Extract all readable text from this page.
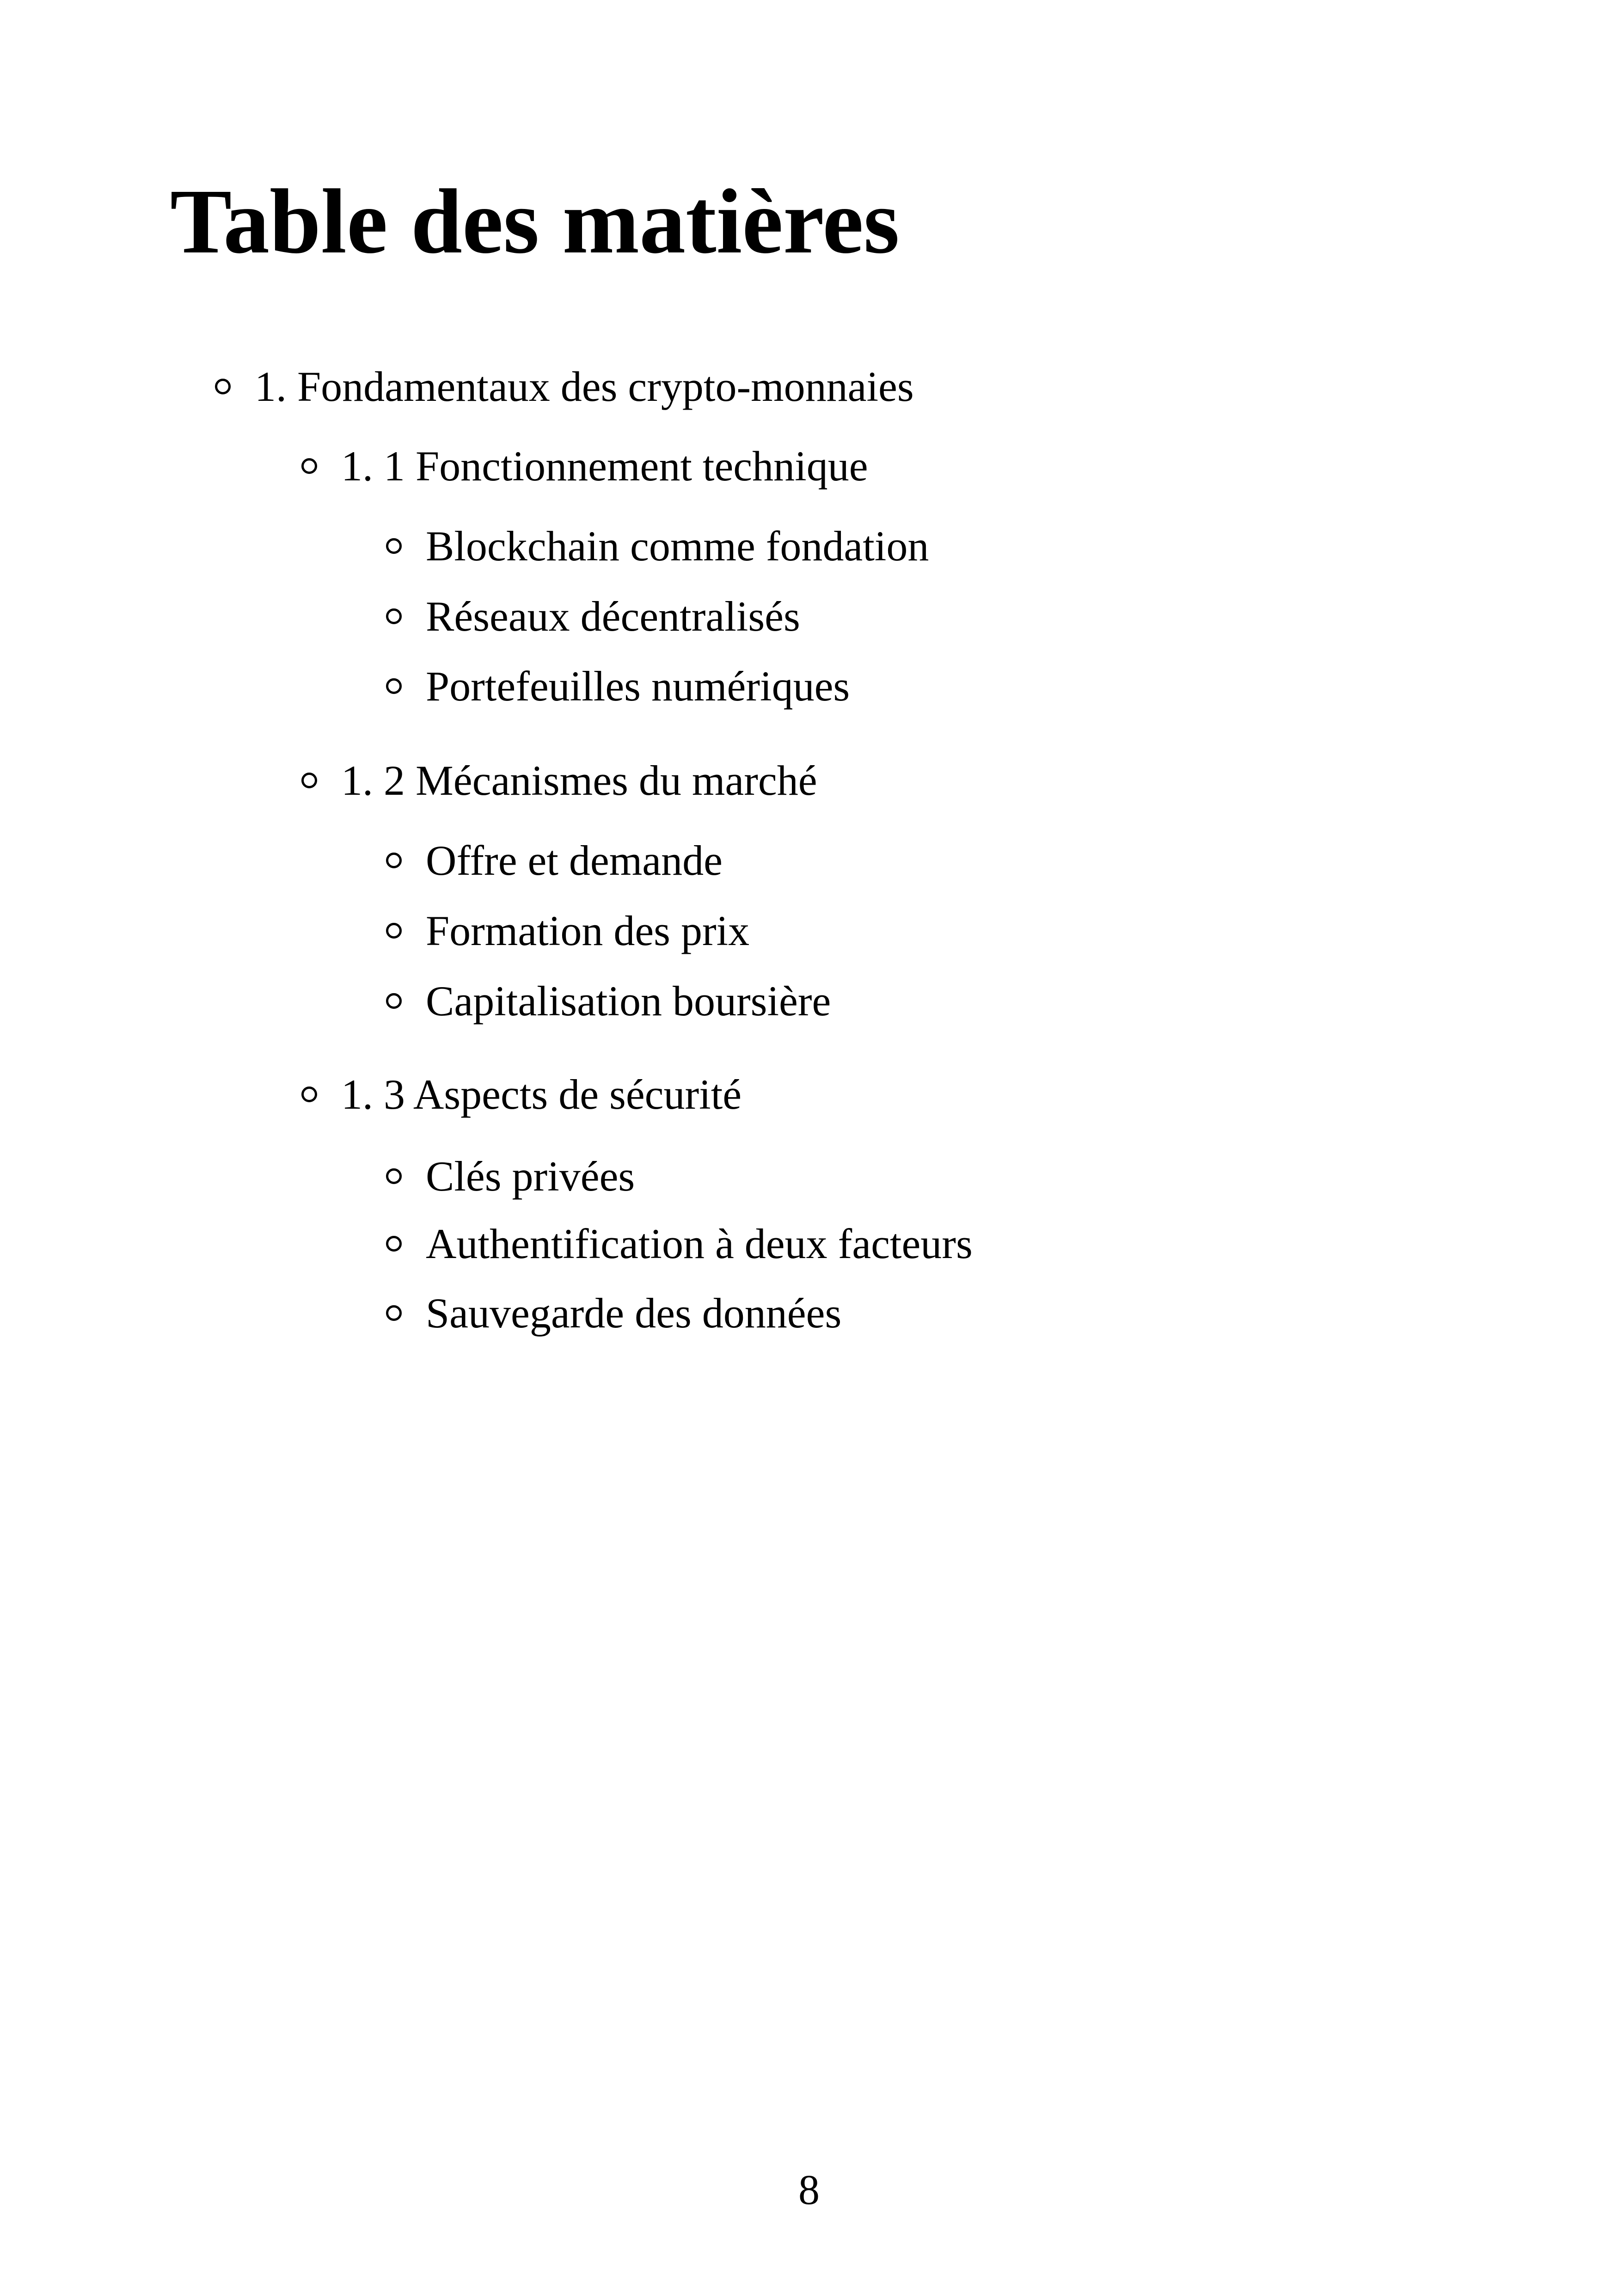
Table des matières
1. Fondamentaux des crypto-monnaies
1. 1 Fonctionnement technique
Blockchain comme fondation
Réseaux décentralisés
Portefeuilles numériques
1. 2 Mécanismes du marché
Offre et demande
Formation des prix
Capitalisation boursière
1. 3 Aspects de sécurité
Clés privées
Authentification à deux facteurs
Sauvegarde des données
8
